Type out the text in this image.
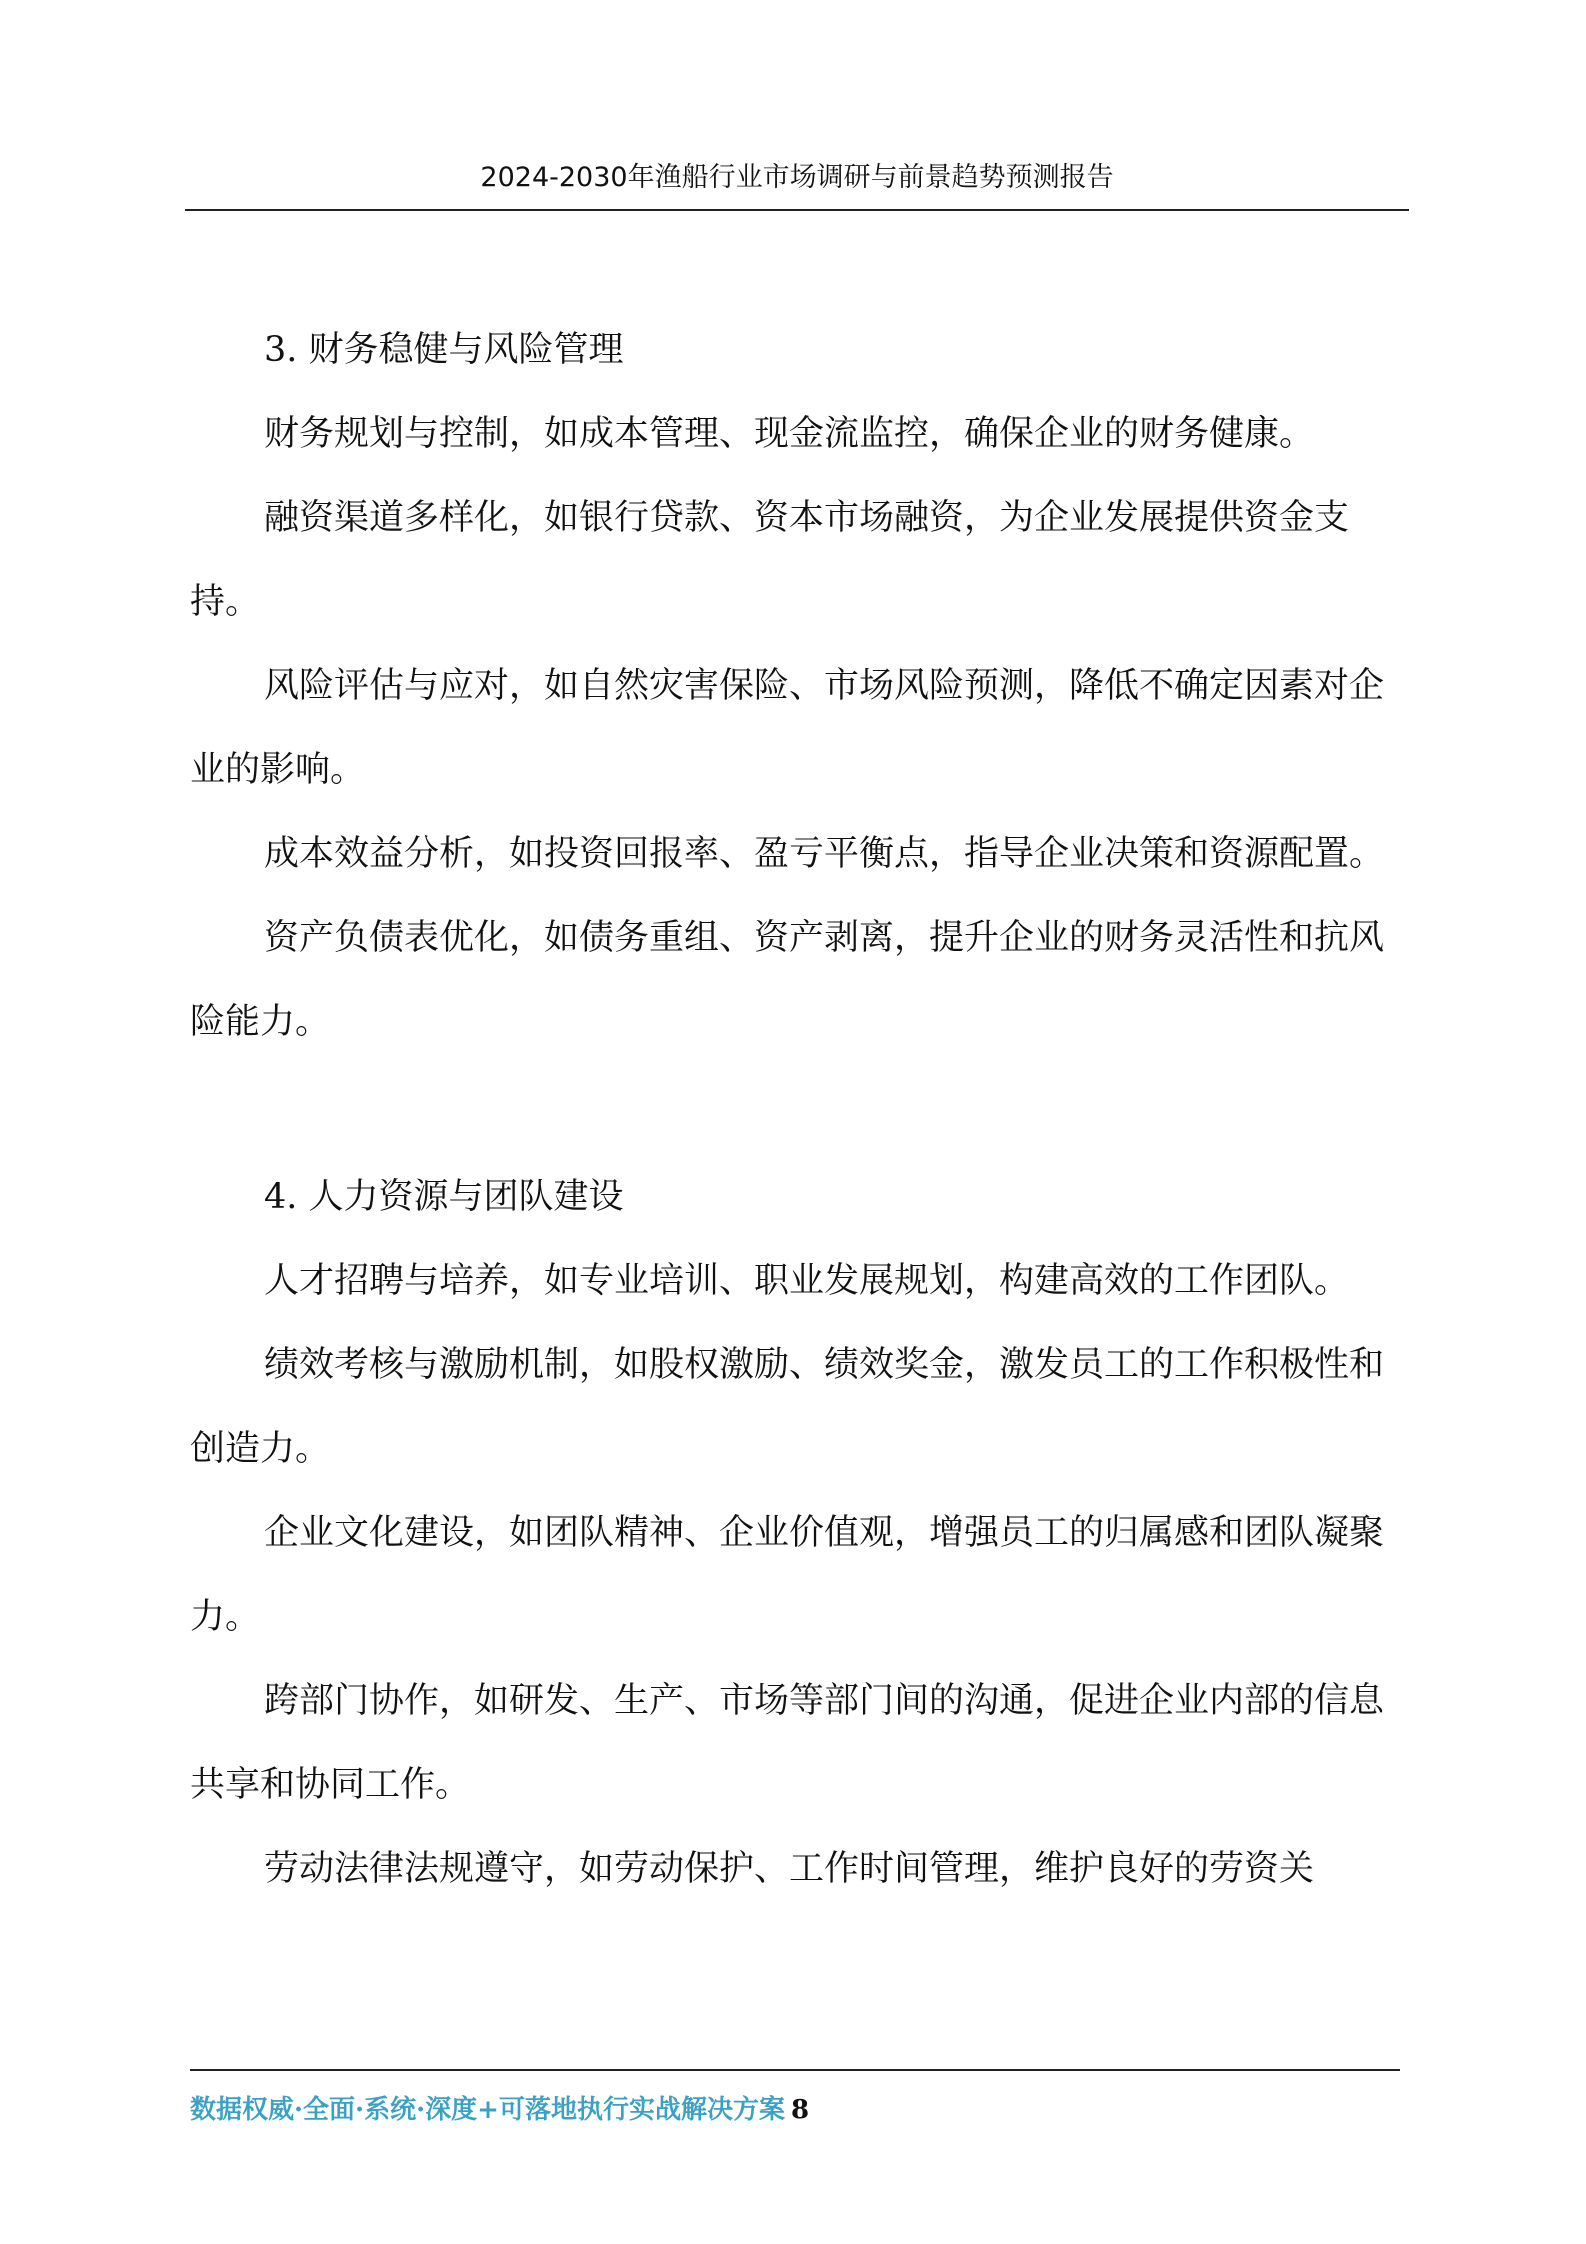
2024-2030年渔船行业市场调研与前景趋势预测报告

3. 财务稳健与风险管理

财务规划与控制，如成本管理、现金流监控，确保企业的财务健康。

融资渠道多样化，如银行贷款、资本市场融资，为企业发展提供资金支持。

风险评估与应对，如自然灾害保险、市场风险预测，降低不确定因素对企业的影响。

成本效益分析，如投资回报率、盈亏平衡点，指导企业决策和资源配置。

资产负债表优化，如债务重组、资产剥离，提升企业的财务灵活性和抗风险能力。

4. 人力资源与团队建设

人才招聘与培养，如专业培训、职业发展规划，构建高效的工作团队。

绩效考核与激励机制，如股权激励、绩效奖金，激发员工的工作积极性和创造力。

企业文化建设，如团队精神、企业价值观，增强员工的归属感和团队凝聚力。

跨部门协作，如研发、生产、市场等部门间的沟通，促进企业内部的信息共享和协同工作。

劳动法律法规遵守，如劳动保护、工作时间管理，维护良好的劳资关

数据权威·全面·系统·深度+可落地执行实战解决方案 8
